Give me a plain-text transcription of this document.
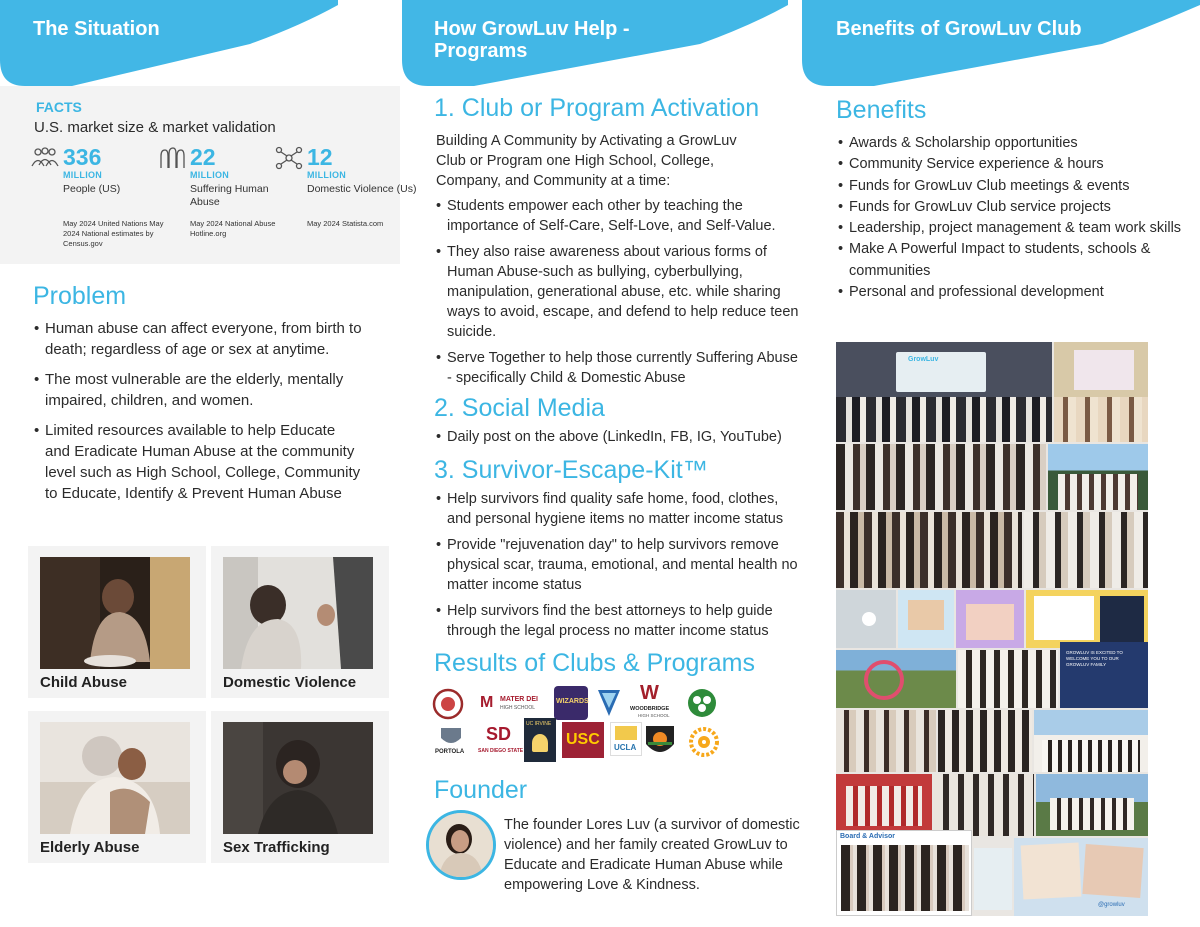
The Situation
FACTS
U.S. market size & market validation
336
MILLION
People (US)
May 2024 United Nations May 2024 National estimates by Census.gov
22
MILLION
Suffering Human Abuse
May 2024 National Abuse Hotline.org
12
MILLION
Domestic Violence (Us)
May 2024 Statista.com
Problem
• Human abuse can affect everyone, from birth to death; regardless of age or sex at anytime.
• The most vulnerable are the elderly, mentally impaired, children, and women.
• Limited resources available to help Educate and Eradicate Human Abuse at the community level such as High School, College, Community to Educate, Identify & Prevent Human Abuse
Child Abuse	Domestic Violence
Elderly Abuse	Sex Trafficking
How GrowLuv Help -
Programs
1. Club or Program Activation
Building A Community by Activating a GrowLuv Club or Program one High School, College, Company, and Community at a time:
• Students empower each other by teaching the importance of Self-Care, Self-Love, and Self-Value.
• They also raise awareness about various forms of Human Abuse-such as bullying, cyberbullying, manipulation, generational abuse, etc. while sharing ways to avoid, escape, and defend to help reduce teen suicide.
• Serve Together to help those currently Suffering Abuse - specifically Child & Domestic Abuse
2. Social Media
• Daily post on the above (LinkedIn, FB, IG, YouTube)
3. Survivor-Escape-Kit™
• Help survivors find quality safe home, food, clothes, and personal hygiene items no matter income status
• Provide "rejuvenation day" to help survivors remove physical scar, trauma, emotional, and mental health no matter income status
• Help survivors find the best attorneys to help guide through the legal process no matter income status
Results of Clubs & Programs
M MATER DEI
HIGH SCHOOL
WIZARDS	W
WOODBRIDGE
HIGH SCHOOL
PORTOLA
SD
SAN DIEGO STATE
UC IRVINE
USC UCLA
Founder
The founder Lores Luv (a survivor of domestic violence) and her family created GrowLuv to Educate and Eradicate Human Abuse while empowering Love & Kindness.
Benefits of GrowLuv Club
Benefits
• Awards & Scholarship opportunities
• Community Service experience & hours
• Funds for GrowLuv Club meetings & events
• Funds for GrowLuv Club service projects
• Leadership, project management & team work skills
• Make A Powerful Impact to students, schools & communities
• Personal and professional development
GrowLuv
GROWLUV IS EXCITED TO WELCOME YOU TO OUR GROWLUV FAMILY
Board & Advisor
@growluv
